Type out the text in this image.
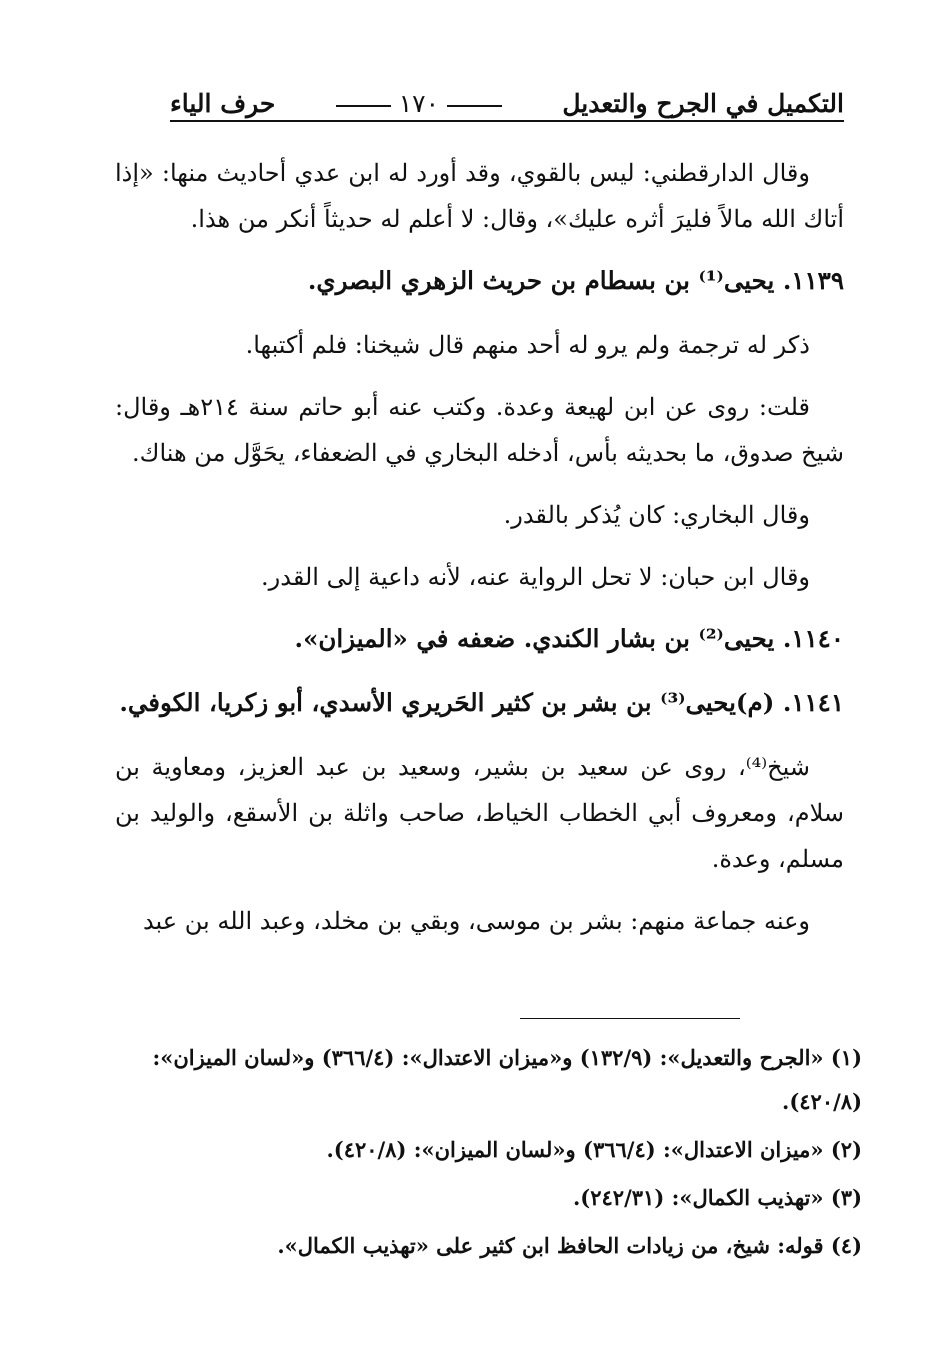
التكميل في الجرح والتعديل
١٧٠
حرف الياء

وقال الدارقطني: ليس بالقوي، وقد أورد له ابن عدي أحاديث منها: «إذا أتاك الله مالاً فليرَ أثره عليك»، وقال: لا أعلم له حديثاً أنكر من هذا.

١١٣٩. يحيى⁽¹⁾ بن بسطام بن حريث الزهري البصري.

ذكر له ترجمة ولم يرو له أحد منهم قال شيخنا: فلم أكتبها.

قلت: روى عن ابن لهيعة وعدة. وكتب عنه أبو حاتم سنة ٢١٤هـ وقال: شيخ صدوق، ما بحديثه بأس، أدخله البخاري في الضعفاء، يحَوَّل من هناك.

وقال البخاري: كان يُذكر بالقدر.

وقال ابن حبان: لا تحل الرواية عنه، لأنه داعية إلى القدر.

١١٤٠. يحيى⁽²⁾ بن بشار الكندي. ضعفه في «الميزان».

١١٤١. (م)يحيى⁽³⁾ بن بشر بن كثير الحَريري الأسدي، أبو زكريا، الكوفي.

شيخ⁽⁴⁾، روى عن سعيد بن بشير، وسعيد بن عبد العزيز، ومعاوية بن سلام، ومعروف أبي الخطاب الخياط، صاحب واثلة بن الأسقع، والوليد بن مسلم، وعدة.

وعنه جماعة منهم: بشر بن موسى، وبقي بن مخلد، وعبد الله بن عبد

(١) «الجرح والتعديل»: (١٣٢/٩) و«ميزان الاعتدال»: (٣٦٦/٤) و«لسان الميزان»: (٤٢٠/٨).

(٢) «ميزان الاعتدال»: (٣٦٦/٤) و«لسان الميزان»: (٤٢٠/٨).

(٣) «تهذيب الكمال»: (٢٤٢/٣١).

(٤) قوله: شيخ، من زيادات الحافظ ابن كثير على «تهذيب الكمال».
